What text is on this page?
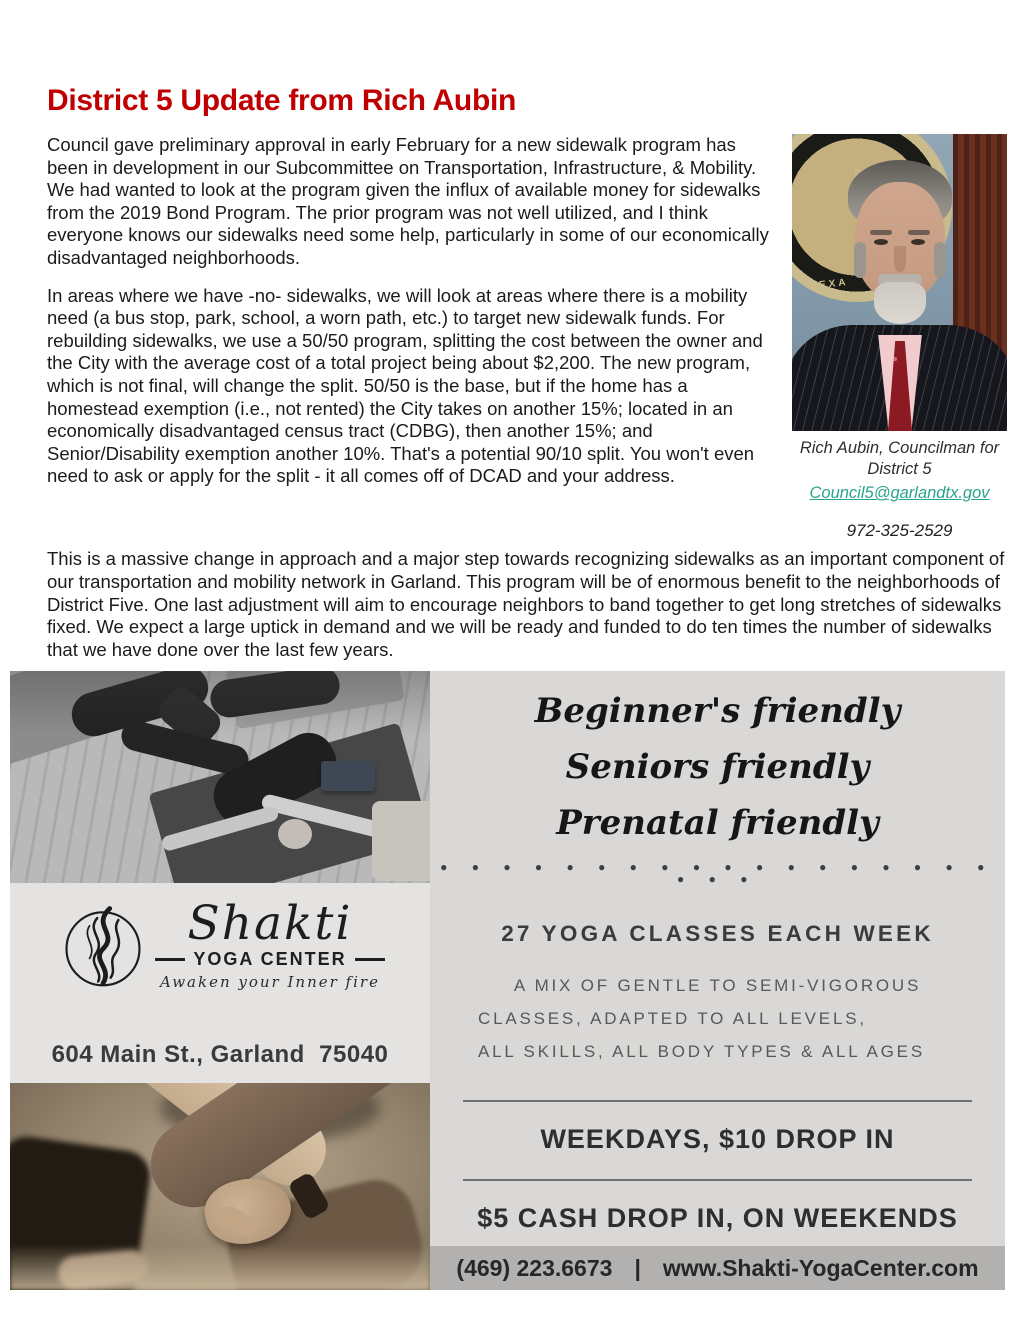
District 5 Update from Rich Aubin
TEXA
Rich Aubin, Councilman for
District 5
Council5@garlandtx.gov
972-325-2529

Council gave preliminary approval in early February for a new sidewalk program has been in development in our Subcommittee on Transportation, Infrastructure, & Mobility. We had wanted to look at the program given the influx of available money for sidewalks from the 2019 Bond Program. The prior program was not well utilized, and I think everyone knows our sidewalks need some help, particularly in some of our economically disadvantaged neighborhoods.

In areas where we have -no- sidewalks, we will look at areas where there is a mobility need (a bus stop, park, school, a worn path, etc.) to target new sidewalk funds. For rebuilding sidewalks, we use a 50/50 program, splitting the cost between the owner and the City with the average cost of a total project being about $2,200. The new program, which is not final, will change the split. 50/50 is the base, but if the home has a homestead exemption (i.e., not rented) the City takes on another 15%; located in an economically disadvantaged census tract (CDBG), then another 15%; and Senior/Disability exemption another 10%. That's a potential 90/10 split. You won't even need to ask or apply for the split - it all comes off of DCAD and your address.

This is a massive change in approach and a major step towards recognizing sidewalks as an important component of our transportation and mobility network in Garland. This program will be of enormous benefit to the neighborhoods of District Five. One last adjustment will aim to encourage neighbors to band together to get long stretches of sidewalks fixed. We expect a large uptick in demand and we will be ready and funded to do ten times the number of sidewalks that we have done over the last few years.

Shakti
YOGA CENTER
Awaken your Inner fire
604 Main St., Garland  75040
Beginner's friendly
Seniors friendly
Prenatal friendly
● ● ● ● ● ● ● ● ● ● ● ● ● ● ● ● ● ● ● ● ●
27 YOGA CLASSES EACH WEEK
A MIX OF GENTLE TO SEMI-VIGOROUS
CLASSES, ADAPTED TO ALL LEVELS,
ALL SKILLS, ALL BODY TYPES & ALL AGES
WEEKDAYS, $10 DROP IN
$5 CASH DROP IN, ON WEEKENDS
(469) 223.6673 | www.Shakti-YogaCenter.com
